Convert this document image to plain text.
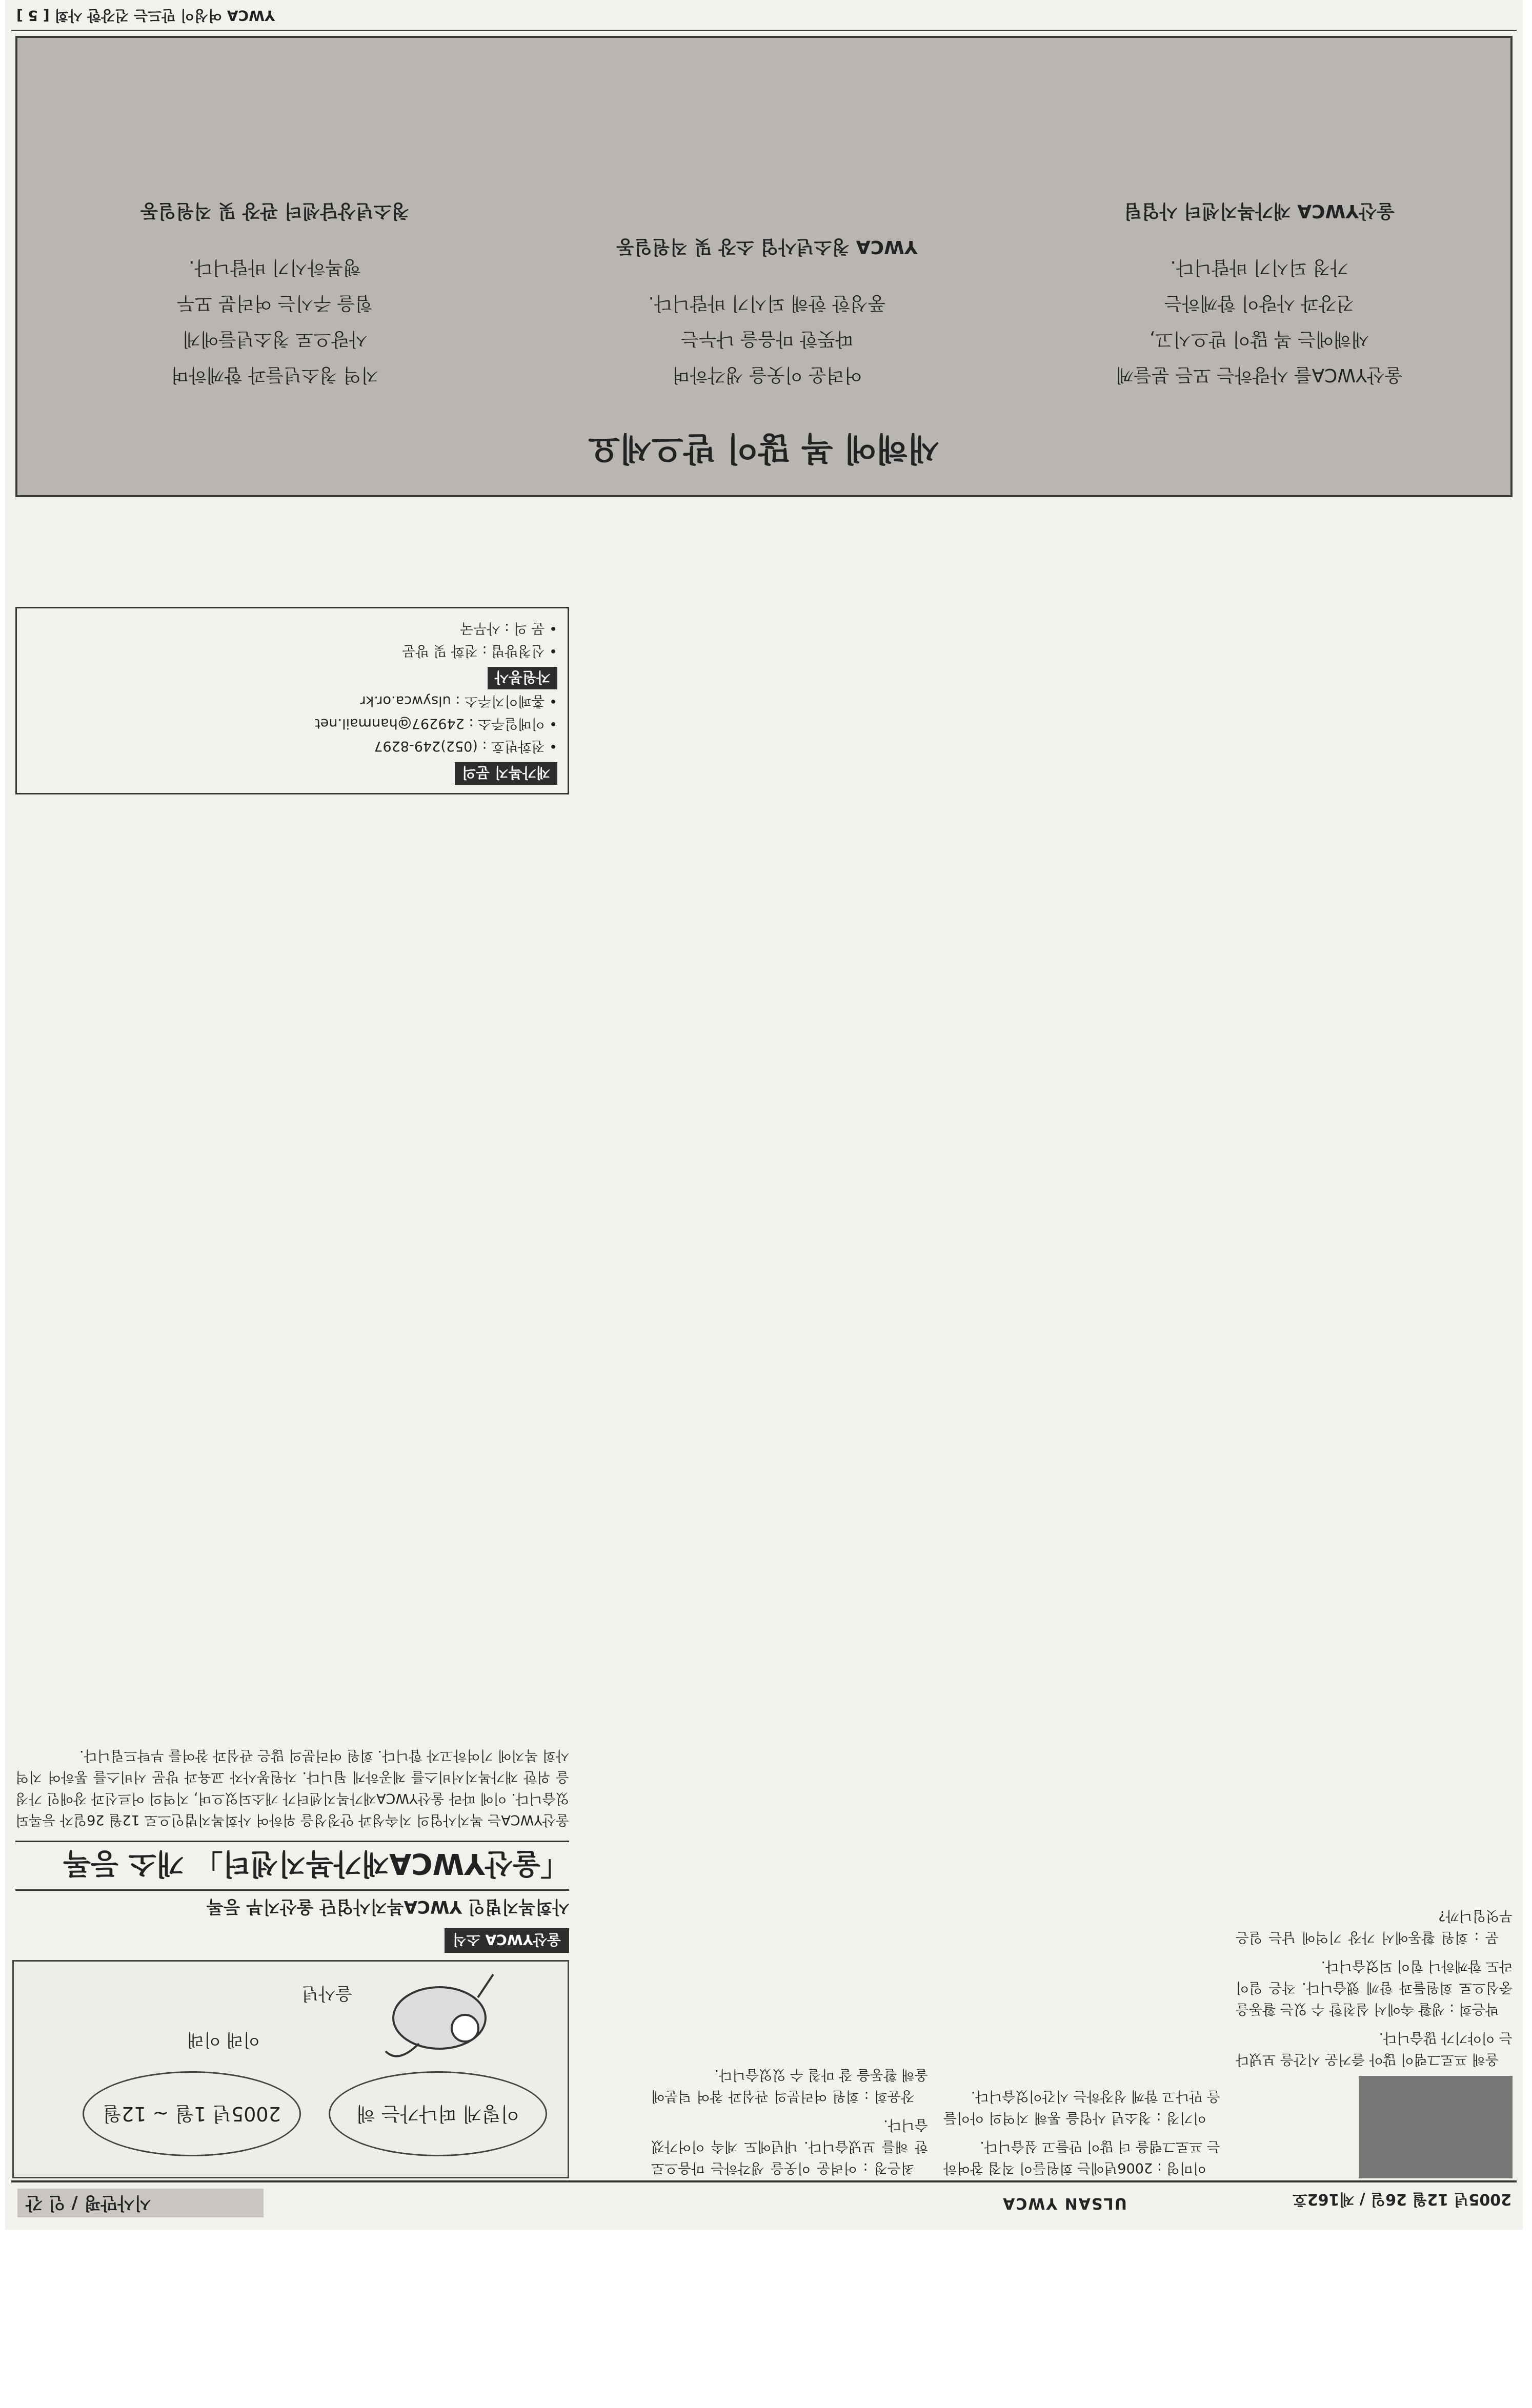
2005년 12월 26일 / 제162호
ULSAN YWCA
시사만평 / 인 간
이렇게 떠나가는 해
2005년 1월 ~ 12월
이래 이래
을사년

올해 프로그램이 많아 즐거운 시간을 보냈다는 이야기가 많습니다.

박은희 : 생활 속에서 실천할 수 있는 활동을 중심으로 회원들과 함께 했습니다. 작은 일이라도 함께하니 힘이 되었습니다.

문 : 회원 활동에서 가장 기억에 남는 일은 무엇입니까?

이미영 : 2006년에는 회원들이 직접 참여하는 프로그램을 더 많이 만들고 싶습니다.

이기정 : 청소년 사업을 통해 지역의 아이들을 만나고 함께 성장하는 시간이었습니다.

최은정 : 어려운 이웃을 생각하는 마음으로 한 해를 보냈습니다. 내년에도 계속 이어가겠습니다.

장윤희 : 회원 여러분의 관심과 참여 덕분에 올해 활동을 잘 마칠 수 있었습니다.

울산YWCA 소식
사회복지법인 YWCA복지사업단 울산지부 등록
「울산YWCA재가복지센터」 개소 등록
울산YWCA는 복지사업의 지속성과 안정성을 위하여 사회복지법인으로 12월 26일자 등록되었습니다. 이에 따라 울산YWCA재가복지센터가 개소되었으며, 지역의 어르신과 장애인 가정을 위한 재가복지서비스를 제공하게 됩니다. 자원봉사자 교육과 방문 서비스를 통하여 지역사회 복지에 기여하고자 합니다. 회원 여러분의 많은 관심과 참여를 부탁드립니다.
재가복지 문의
• 전화번호 : (052)249-8297
• 이메일주소 : 249297@hanmail.net
• 홈페이지주소 : ulsywca.or.kr
자원봉사
• 신청방법 : 전화 및 방문
• 문 의 : 사무국
새해에 복 많이 받으세요
울산YWCA를 사랑하는 모든 분들께
새해에는 복 많이 받으시고,
건강과 사랑이 함께하는
가정 되시기 바랍니다.
울산YWCA 재가복지센터 사업팀
어려운 이웃을 생각하며
따뜻한 마음을 나누는
풍성한 한해 되시기 바랍니다.
YWCA 청소년사업 소장 및 직원일동
지역 청소년들과 함께하며
사랑으로 청소년들에게
힘을 주시는 여러분 모두
행복하시기 바랍니다.
청소년상담센터 관장 및 직원일동
YWCA 여성이 만드는 건강한 사회 [ 5 ]
